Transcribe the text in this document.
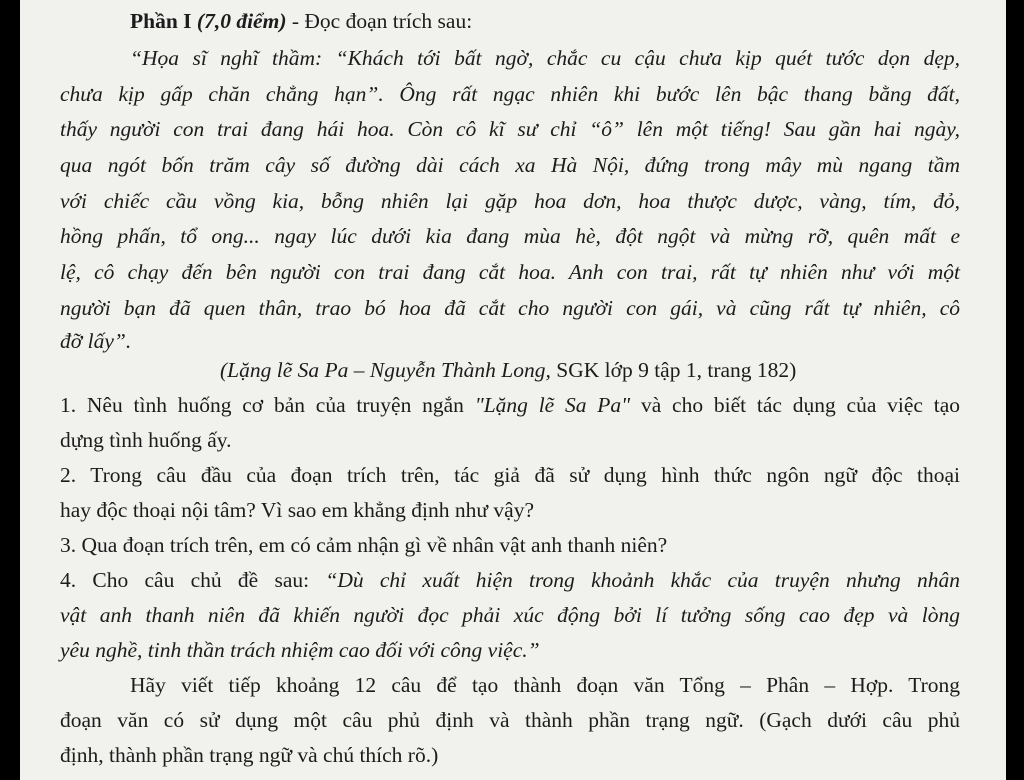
Phần I (7,0 điểm) - Đọc đoạn trích sau:
“Họa sĩ nghĩ thầm: “Khách tới bất ngờ, chắc cu cậu chưa kịp quét tước dọn dẹp,
chưa kịp gấp chăn chẳng hạn”. Ông rất ngạc nhiên khi bước lên bậc thang bằng đất,
thấy người con trai đang hái hoa. Còn cô kĩ sư chỉ “ô” lên một tiếng! Sau gần hai ngày,
qua ngót bốn trăm cây số đường dài cách xa Hà Nội, đứng trong mây mù ngang tầm
với chiếc cầu vồng kia, bỗng nhiên lại gặp hoa dơn, hoa thược dược, vàng, tím, đỏ,
hồng phấn, tổ ong... ngay lúc dưới kia đang mùa hè, đột ngột và mừng rỡ, quên mất e
lệ, cô chạy đến bên người con trai đang cắt hoa. Anh con trai, rất tự nhiên như với một
người bạn đã quen thân, trao bó hoa đã cắt cho người con gái, và cũng rất tự nhiên, cô
đỡ lấy”.
(Lặng lẽ Sa Pa – Nguyễn Thành Long, SGK lớp 9 tập 1, trang 182)
1. Nêu tình huống cơ bản của truyện ngắn "Lặng lẽ Sa Pa" và cho biết tác dụng của việc tạo
dựng tình huống ấy.
2. Trong câu đầu của đoạn trích trên, tác giả đã sử dụng hình thức ngôn ngữ độc thoại
hay độc thoại nội tâm? Vì sao em khẳng định như vậy?
3. Qua đoạn trích trên, em có cảm nhận gì về nhân vật anh thanh niên?
4. Cho câu chủ đề sau: “Dù chỉ xuất hiện trong khoảnh khắc của truyện nhưng nhân
vật anh thanh niên đã khiến người đọc phải xúc động bởi lí tưởng sống cao đẹp và lòng
yêu nghề, tinh thần trách nhiệm cao đối với công việc.”
Hãy viết tiếp khoảng 12 câu để tạo thành đoạn văn Tổng – Phân – Hợp. Trong
đoạn văn có sử dụng một câu phủ định và thành phần trạng ngữ. (Gạch dưới câu phủ
định, thành phần trạng ngữ và chú thích rõ.)
